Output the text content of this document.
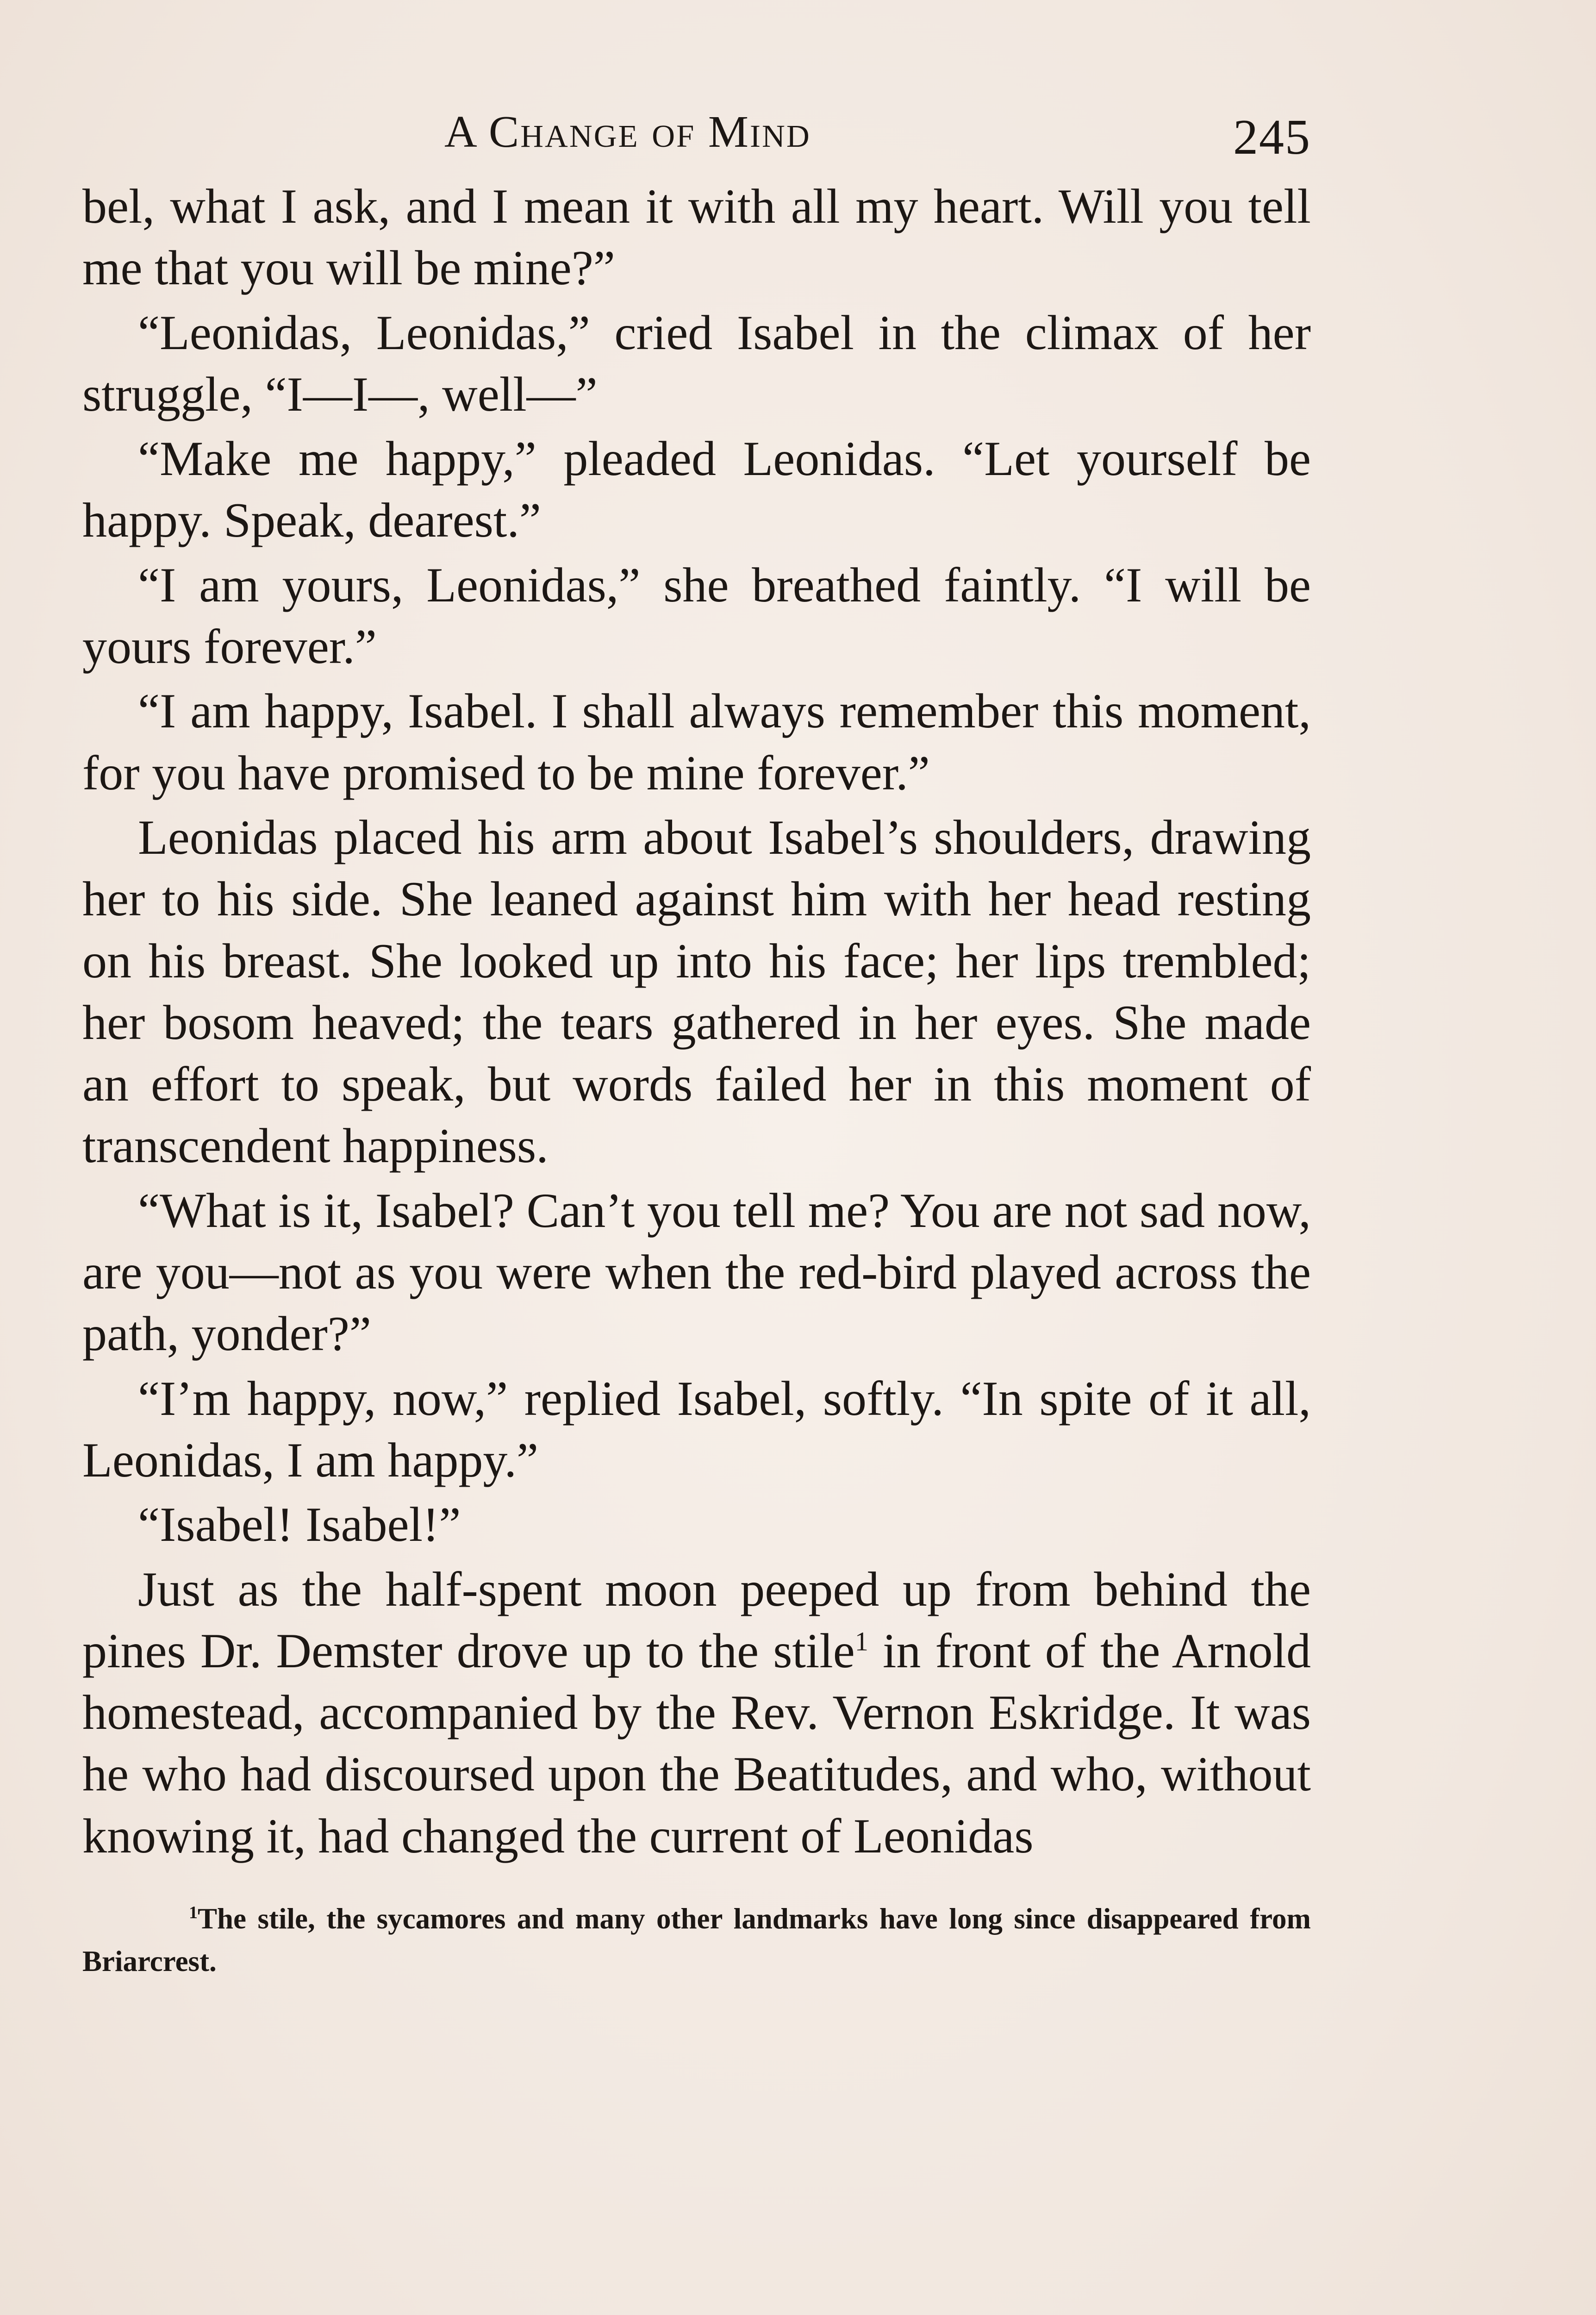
A Change of Mind	245

bel, what I ask, and I mean it with all my heart. Will you tell me that you will be mine?”

“Leonidas, Leonidas,” cried Isabel in the climax of her struggle, “I—I—, well—”

“Make me happy,” pleaded Leonidas. “Let yourself be happy. Speak, dearest.”

“I am yours, Leonidas,” she breathed faintly. “I will be yours forever.”

“I am happy, Isabel. I shall always remember this moment, for you have promised to be mine forever.”

Leonidas placed his arm about Isabel’s shoulders, drawing her to his side. She leaned against him with her head resting on his breast. She looked up into his face; her lips trembled; her bosom heaved; the tears gathered in her eyes. She made an effort to speak, but words failed her in this moment of transcendent happiness.

“What is it, Isabel? Can’t you tell me? You are not sad now, are you—not as you were when the red-bird played across the path, yonder?”

“I’m happy, now,” replied Isabel, softly. “In spite of it all, Leonidas, I am happy.”

“Isabel! Isabel!”

Just as the half-spent moon peeped up from behind the pines Dr. Demster drove up to the stile$^1$ in front of the Arnold homestead, accompanied by the Rev. Vernon Eskridge. It was he who had discoursed upon the Beatitudes, and who, without knowing it, had changed the current of Leonidas

$^1$The stile, the sycamores and many other landmarks have long since disappeared from Briarcrest.
